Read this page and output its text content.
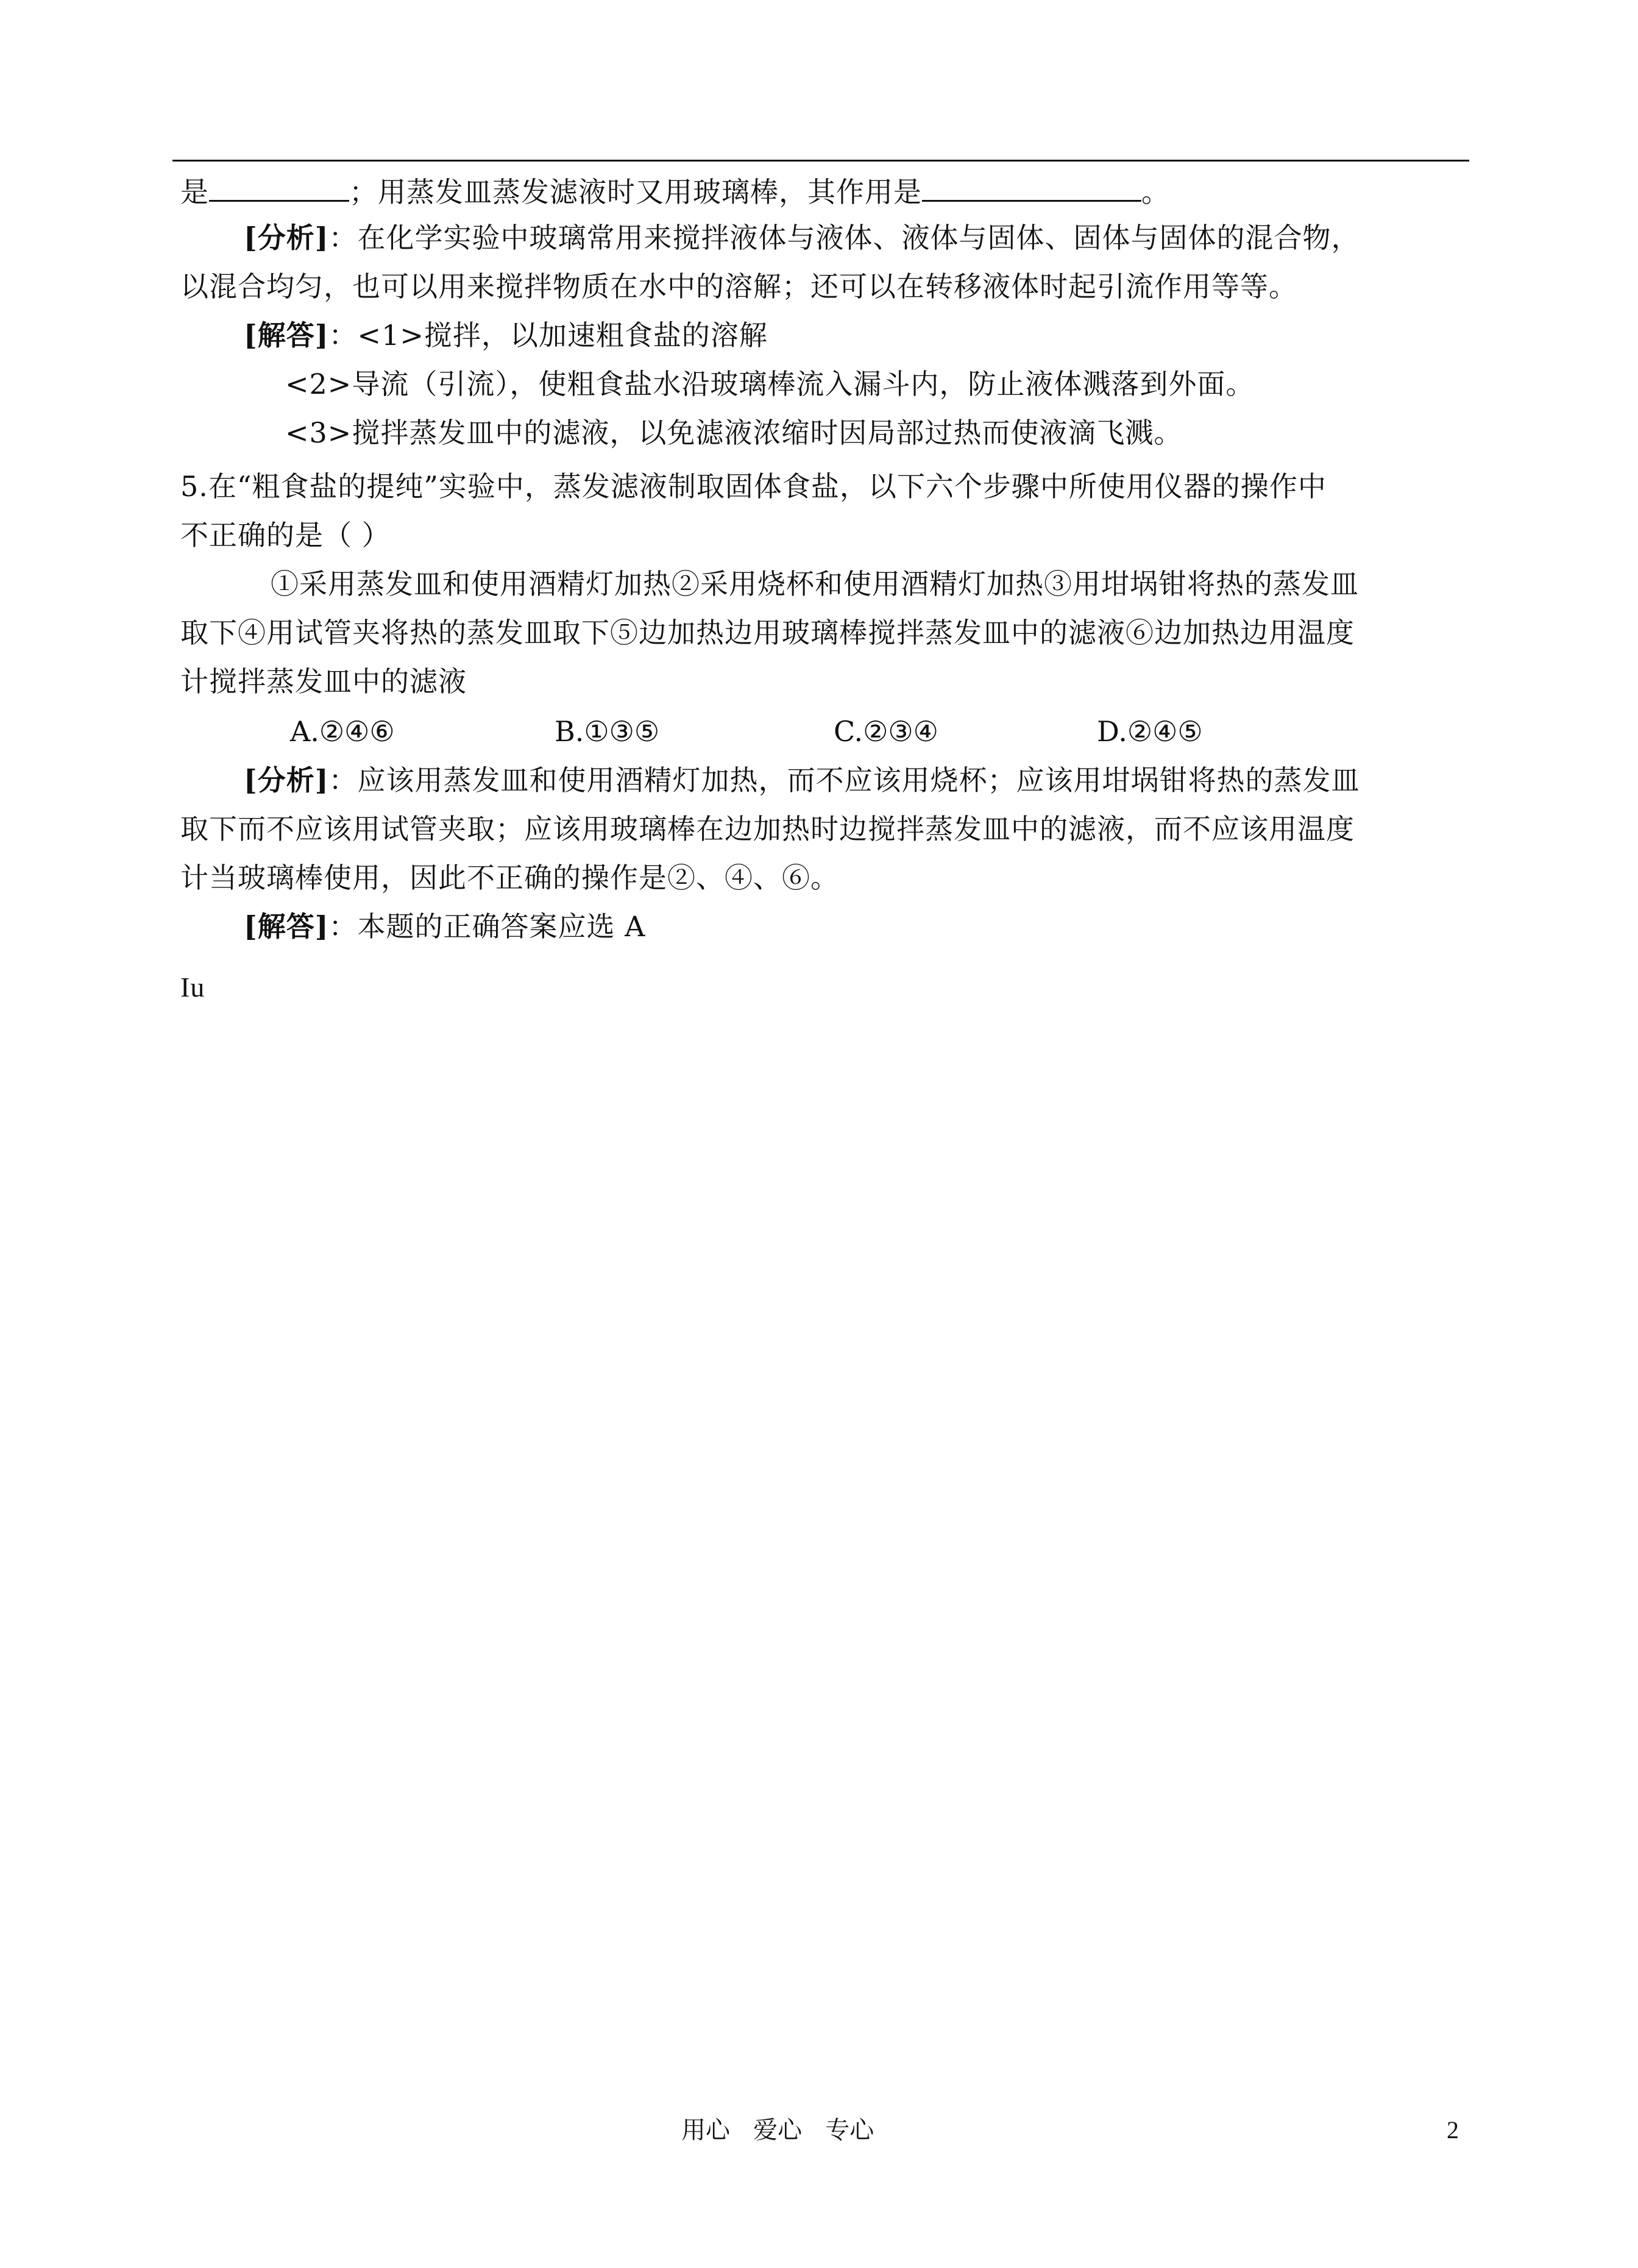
是	；用蒸发皿蒸发滤液时又用玻璃棒，其作用是	。
[分析]：在化学实验中玻璃常用来搅拌液体与液体、液体与固体、固体与固体的混合物，
以混合均匀，也可以用来搅拌物质在水中的溶解；还可以在转移液体时起引流作用等等。
[解答]：<1>搅拌，以加速粗食盐的溶解
<2>导流（引流），使粗食盐水沿玻璃棒流入漏斗内，防止液体溅落到外面。
<3>搅拌蒸发皿中的滤液，以免滤液浓缩时因局部过热而使液滴飞溅。
5.在“粗食盐的提纯”实验中，蒸发滤液制取固体食盐，以下六个步骤中所使用仪器的操作中
不正确的是（ ）
①采用蒸发皿和使用酒精灯加热②采用烧杯和使用酒精灯加热③用坩埚钳将热的蒸发皿
取下④用试管夹将热的蒸发皿取下⑤边加热边用玻璃棒搅拌蒸发皿中的滤液⑥边加热边用温度
计搅拌蒸发皿中的滤液
A.②④⑥	B.①③⑤	C.②③④	D.②④⑤
[分析]：应该用蒸发皿和使用酒精灯加热，而不应该用烧杯；应该用坩埚钳将热的蒸发皿
取下而不应该用试管夹取；应该用玻璃棒在边加热时边搅拌蒸发皿中的滤液，而不应该用温度
计当玻璃棒使用，因此不正确的操作是②、④、⑥。
[解答]：本题的正确答案应选 A
Iu
用心   爱心   专心	2
